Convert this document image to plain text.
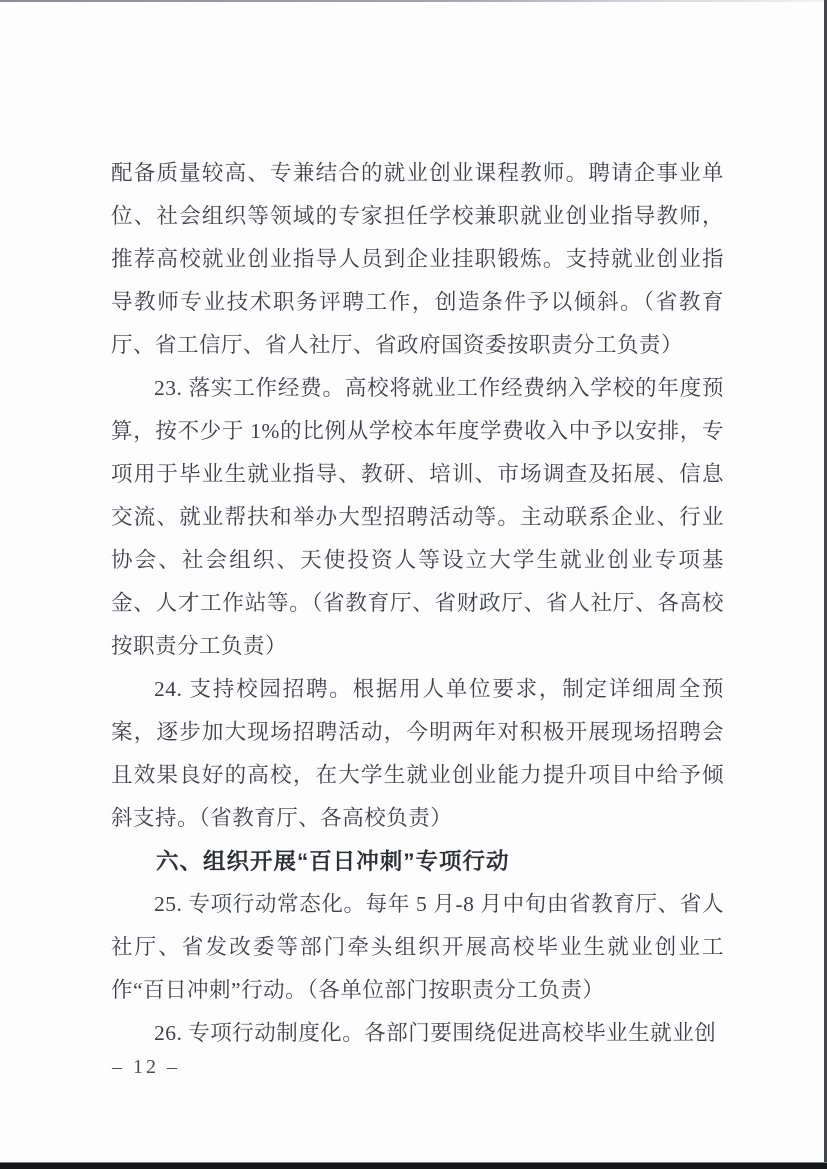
配备质量较高、专兼结合的就业创业课程教师。聘请企事业单位、社会组织等领域的专家担任学校兼职就业创业指导教师，推荐高校就业创业指导人员到企业挂职锻炼。支持就业创业指导教师专业技术职务评聘工作，创造条件予以倾斜。（省教育厅、省工信厅、省人社厅、省政府国资委按职责分工负责）

23. 落实工作经费。高校将就业工作经费纳入学校的年度预算，按不少于 1%的比例从学校本年度学费收入中予以安排，专项用于毕业生就业指导、教研、培训、市场调查及拓展、信息交流、就业帮扶和举办大型招聘活动等。主动联系企业、行业协会、社会组织、天使投资人等设立大学生就业创业专项基金、人才工作站等。（省教育厅、省财政厅、省人社厅、各高校按职责分工负责）

24. 支持校园招聘。根据用人单位要求，制定详细周全预案，逐步加大现场招聘活动，今明两年对积极开展现场招聘会且效果良好的高校，在大学生就业创业能力提升项目中给予倾斜支持。（省教育厅、各高校负责）

六、组织开展“百日冲刺”专项行动

25. 专项行动常态化。每年 5 月-8 月中旬由省教育厅、省人社厅、省发改委等部门牵头组织开展高校毕业生就业创业工作“百日冲刺”行动。（各单位部门按职责分工负责）

26. 专项行动制度化。各部门要围绕促进高校毕业生就业创

– 12 –
